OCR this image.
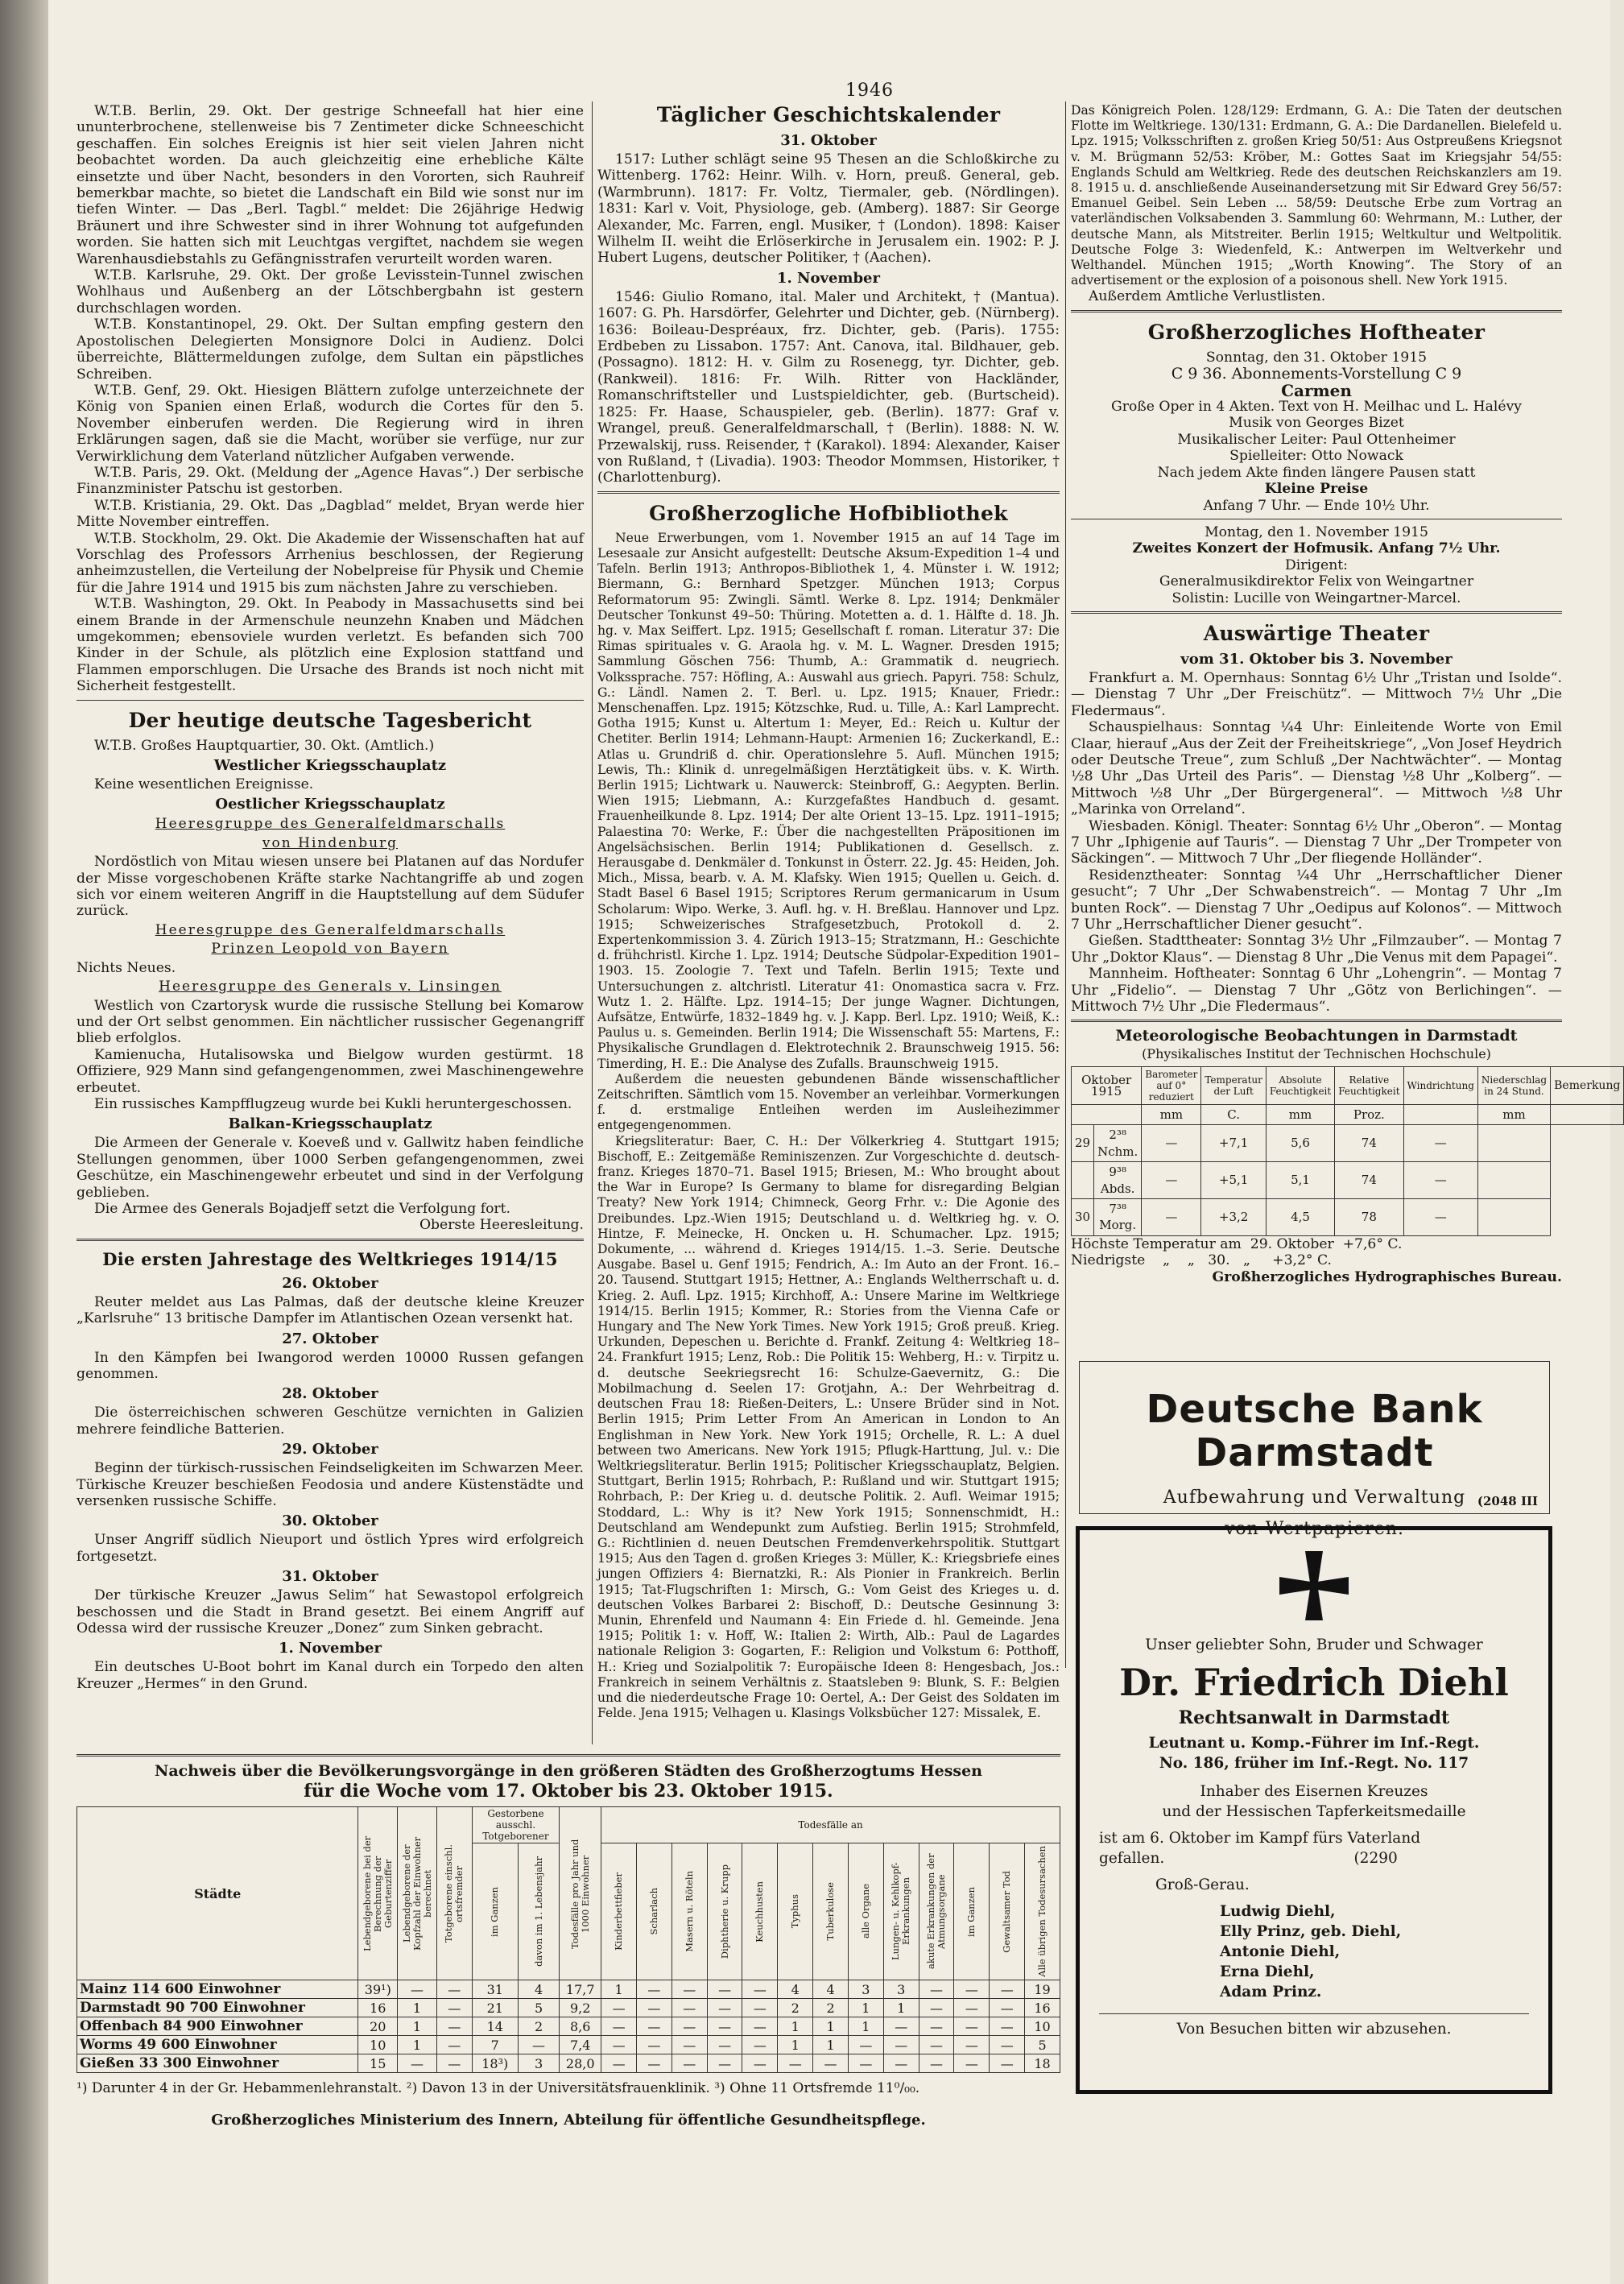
1946

W.T.B. Berlin, 29. Okt. Der gestrige Schneefall hat hier eine ununterbrochene, stellenweise bis 7 Zentimeter dicke Schneeschicht geschaffen. Ein solches Ereignis ist hier seit vielen Jahren nicht beobachtet worden. Da auch gleichzeitig eine erhebliche Kälte einsetzte und über Nacht, besonders in den Vororten, sich Rauhreif bemerkbar machte, so bietet die Landschaft ein Bild wie sonst nur im tiefen Winter. — Das „Berl. Tagbl.“ meldet: Die 26jährige Hedwig Bräunert und ihre Schwester sind in ihrer Wohnung tot aufgefunden worden. Sie hatten sich mit Leuchtgas vergiftet, nachdem sie wegen Warenhausdiebstahls zu Gefängnisstrafen verurteilt worden waren.

W.T.B. Karlsruhe, 29. Okt. Der große Levisstein-Tunnel zwischen Wohlhaus und Außenberg an der Lötschbergbahn ist gestern durchschlagen worden.

W.T.B. Konstantinopel, 29. Okt. Der Sultan empfing gestern den Apostolischen Delegierten Monsignore Dolci in Audienz. Dolci überreichte, Blättermeldungen zufolge, dem Sultan ein päpstliches Schreiben.

W.T.B. Genf, 29. Okt. Hiesigen Blättern zufolge unterzeichnete der König von Spanien einen Erlaß, wodurch die Cortes für den 5. November einberufen werden. Die Regierung wird in ihren Erklärungen sagen, daß sie die Macht, worüber sie verfüge, nur zur Verwirklichung dem Vaterland nützlicher Aufgaben verwende.

W.T.B. Paris, 29. Okt. (Meldung der „Agence Havas“.) Der serbische Finanzminister Patschu ist gestorben.

W.T.B. Kristiania, 29. Okt. Das „Dagblad“ meldet, Bryan werde hier Mitte November eintreffen.

W.T.B. Stockholm, 29. Okt. Die Akademie der Wissenschaften hat auf Vorschlag des Professors Arrhenius beschlossen, der Regierung anheimzustellen, die Verteilung der Nobelpreise für Physik und Chemie für die Jahre 1914 und 1915 bis zum nächsten Jahre zu verschieben.

W.T.B. Washington, 29. Okt. In Peabody in Massachusetts sind bei einem Brande in der Armenschule neunzehn Knaben und Mädchen umgekommen; ebensoviele wurden verletzt. Es befanden sich 700 Kinder in der Schule, als plötzlich eine Explosion stattfand und Flammen emporschlugen. Die Ursache des Brands ist noch nicht mit Sicherheit festgestellt.

Der heutige deutsche Tagesbericht

W.T.B. Großes Hauptquartier, 30. Okt. (Amtlich.)

Westlicher Kriegsschauplatz

Keine wesentlichen Ereignisse.

Oestlicher Kriegsschauplatz
Heeresgruppe des Generalfeldmarschalls
von Hindenburg

Nordöstlich von Mitau wiesen unsere bei Platanen auf das Nordufer der Misse vorgeschobenen Kräfte starke Nachtangriffe ab und zogen sich vor einem weiteren Angriff in die Hauptstellung auf dem Südufer zurück.

Heeresgruppe des Generalfeldmarschalls
Prinzen Leopold von Bayern

Nichts Neues.

Heeresgruppe des Generals v. Linsingen

Westlich von Czartorysk wurde die russische Stellung bei Komarow und der Ort selbst genommen. Ein nächtlicher russischer Gegenangriff blieb erfolglos.

Kamienucha, Hutalisowska und Bielgow wurden gestürmt. 18 Offiziere, 929 Mann sind gefangengenommen, zwei Maschinengewehre erbeutet.

Ein russisches Kampfflugzeug wurde bei Kukli heruntergeschossen.

Balkan-Kriegsschauplatz

Die Armeen der Generale v. Koeveß und v. Gallwitz haben feindliche Stellungen genommen, über 1000 Serben gefangengenommen, zwei Geschütze, ein Maschinengewehr erbeutet und sind in der Verfolgung geblieben.

Die Armee des Generals Bojadjeff setzt die Verfolgung fort.

Oberste Heeresleitung.

Die ersten Jahrestage des Weltkrieges 1914/15
26. Oktober

Reuter meldet aus Las Palmas, daß der deutsche kleine Kreuzer „Karlsruhe“ 13 britische Dampfer im Atlantischen Ozean versenkt hat.

27. Oktober

In den Kämpfen bei Iwangorod werden 10000 Russen gefangen genommen.

28. Oktober

Die österreichischen schweren Geschütze vernichten in Galizien mehrere feindliche Batterien.

29. Oktober

Beginn der türkisch-russischen Feindseligkeiten im Schwarzen Meer. Türkische Kreuzer beschießen Feodosia und andere Küstenstädte und versenken russische Schiffe.

30. Oktober

Unser Angriff südlich Nieuport und östlich Ypres wird erfolgreich fortgesetzt.

31. Oktober

Der türkische Kreuzer „Jawus Selim“ hat Sewastopol erfolgreich beschossen und die Stadt in Brand gesetzt. Bei einem Angriff auf Odessa wird der russische Kreuzer „Donez“ zum Sinken gebracht.

1. November

Ein deutsches U-Boot bohrt im Kanal durch ein Torpedo den alten Kreuzer „Hermes“ in den Grund.

Täglicher Geschichtskalender
31. Oktober

1517: Luther schlägt seine 95 Thesen an die Schloßkirche zu Wittenberg. 1762: Heinr. Wilh. v. Horn, preuß. General, geb. (Warmbrunn). 1817: Fr. Voltz, Tiermaler, geb. (Nördlingen). 1831: Karl v. Voit, Physiologe, geb. (Amberg). 1887: Sir George Alexander, Mc. Farren, engl. Musiker, † (London). 1898: Kaiser Wilhelm II. weiht die Erlöserkirche in Jerusalem ein. 1902: P. J. Hubert Lugens, deutscher Politiker, † (Aachen).

1. November

1546: Giulio Romano, ital. Maler und Architekt, † (Mantua). 1607: G. Ph. Harsdörfer, Gelehrter und Dichter, geb. (Nürnberg). 1636: Boileau-Despréaux, frz. Dichter, geb. (Paris). 1755: Erdbeben zu Lissabon. 1757: Ant. Canova, ital. Bildhauer, geb. (Possagno). 1812: H. v. Gilm zu Rosenegg, tyr. Dichter, geb. (Rankweil). 1816: Fr. Wilh. Ritter von Hackländer, Romanschriftsteller und Lustspieldichter, geb. (Burtscheid). 1825: Fr. Haase, Schauspieler, geb. (Berlin). 1877: Graf v. Wrangel, preuß. Generalfeldmarschall, † (Berlin). 1888: N. W. Przewalskij, russ. Reisender, † (Karakol). 1894: Alexander, Kaiser von Rußland, † (Livadia). 1903: Theodor Mommsen, Historiker, † (Charlottenburg).

Großherzogliche Hofbibliothek

Neue Erwerbungen, vom 1. November 1915 an auf 14 Tage im Lesesaale zur Ansicht aufgestellt: Deutsche Aksum-Expedition 1–4 und Tafeln. Berlin 1913; Anthropos-Bibliothek 1, 4. Münster i. W. 1912; Biermann, G.: Bernhard Spetzger. München 1913; Corpus Reformatorum 95: Zwingli. Sämtl. Werke 8. Lpz. 1914; Denkmäler Deutscher Tonkunst 49–50: Thüring. Motetten a. d. 1. Hälfte d. 18. Jh. hg. v. Max Seiffert. Lpz. 1915; Gesellschaft f. roman. Literatur 37: Die Rimas spirituales v. G. Araola hg. v. M. L. Wagner. Dresden 1915; Sammlung Göschen 756: Thumb, A.: Grammatik d. neugriech. Volkssprache. 757: Höfling, A.: Auswahl aus griech. Papyri. 758: Schulz, G.: Ländl. Namen 2. T. Berl. u. Lpz. 1915; Knauer, Friedr.: Menschenaffen. Lpz. 1915; Kötzschke, Rud. u. Tille, A.: Karl Lamprecht. Gotha 1915; Kunst u. Altertum 1: Meyer, Ed.: Reich u. Kultur der Chetiter. Berlin 1914; Lehmann-Haupt: Armenien 16; Zuckerkandl, E.: Atlas u. Grundriß d. chir. Operationslehre 5. Aufl. München 1915; Lewis, Th.: Klinik d. unregelmäßigen Herztätigkeit übs. v. K. Wirth. Berlin 1915; Lichtwark u. Nauwerck: Steinbroff, G.: Aegypten. Berlin. Wien 1915; Liebmann, A.: Kurzgefaßtes Handbuch d. gesamt. Frauenheilkunde 8. Lpz. 1914; Der alte Orient 13–15. Lpz. 1911–1915; Palaestina 70: Werke, F.: Über die nachgestellten Präpositionen im Angelsächsischen. Berlin 1914; Publikationen d. Gesellsch. z. Herausgabe d. Denkmäler d. Tonkunst in Österr. 22. Jg. 45: Heiden, Joh. Mich., Missa, bearb. v. A. M. Klafsky. Wien 1915; Quellen u. Geich. d. Stadt Basel 6 Basel 1915; Scriptores Rerum germanicarum in Usum Scholarum: Wipo. Werke, 3. Aufl. hg. v. H. Breßlau. Hannover und Lpz. 1915; Schweizerisches Strafgesetzbuch, Protokoll d. 2. Expertenkommission 3. 4. Zürich 1913–15; Stratzmann, H.: Geschichte d. frühchristl. Kirche 1. Lpz. 1914; Deutsche Südpolar-Expedition 1901–1903. 15. Zoologie 7. Text und Tafeln. Berlin 1915; Texte und Untersuchungen z. altchristl. Literatur 41: Onomastica sacra v. Frz. Wutz 1. 2. Hälfte. Lpz. 1914–15; Der junge Wagner. Dichtungen, Aufsätze, Entwürfe, 1832–1849 hg. v. J. Kapp. Berl. Lpz. 1910; Weiß, K.: Paulus u. s. Gemeinden. Berlin 1914; Die Wissenschaft 55: Martens, F.: Physikalische Grundlagen d. Elektrotechnik 2. Braunschweig 1915. 56: Timerding, H. E.: Die Analyse des Zufalls. Braunschweig 1915.

Außerdem die neuesten gebundenen Bände wissenschaftlicher Zeitschriften. Sämtlich vom 15. November an verleihbar. Vormerkungen f. d. erstmalige Entleihen werden im Ausleihezimmer entgegengenommen.

Kriegsliteratur: Baer, C. H.: Der Völkerkrieg 4. Stuttgart 1915; Bischoff, E.: Zeitgemäße Reminiszenzen. Zur Vorgeschichte d. deutsch-franz. Krieges 1870–71. Basel 1915; Briesen, M.: Who brought about the War in Europe? Is Germany to blame for disregarding Belgian Treaty? New York 1914; Chimneck, Georg Frhr. v.: Die Agonie des Dreibundes. Lpz.-Wien 1915; Deutschland u. d. Weltkrieg hg. v. O. Hintze, F. Meinecke, H. Oncken u. H. Schumacher. Lpz. 1915; Dokumente, ... während d. Krieges 1914/15. 1.–3. Serie. Deutsche Ausgabe. Basel u. Genf 1915; Fendrich, A.: Im Auto an der Front. 16.–20. Tausend. Stuttgart 1915; Hettner, A.: Englands Weltherrschaft u. d. Krieg. 2. Aufl. Lpz. 1915; Kirchhoff, A.: Unsere Marine im Weltkriege 1914/15. Berlin 1915; Kommer, R.: Stories from the Vienna Cafe or Hungary and The New York Times. New York 1915; Groß preuß. Krieg. Urkunden, Depeschen u. Berichte d. Frankf. Zeitung 4: Weltkrieg 18–24. Frankfurt 1915; Lenz, Rob.: Die Politik 15: Wehberg, H.: v. Tirpitz u. d. deutsche Seekriegsrecht 16: Schulze-Gaevernitz, G.: Die Mobilmachung d. Seelen 17: Grotjahn, A.: Der Wehrbeitrag d. deutschen Frau 18: Rießen-Deiters, L.: Unsere Brüder sind in Not. Berlin 1915; Prim Letter From An American in London to An Englishman in New York. New York 1915; Orchelle, R. L.: A duel between two Americans. New York 1915; Pflugk-Harttung, Jul. v.: Die Weltkriegsliteratur. Berlin 1915; Politischer Kriegsschauplatz, Belgien. Stuttgart, Berlin 1915; Rohrbach, P.: Rußland und wir. Stuttgart 1915; Rohrbach, P.: Der Krieg u. d. deutsche Politik. 2. Aufl. Weimar 1915; Stoddard, L.: Why is it? New York 1915; Sonnenschmidt, H.: Deutschland am Wendepunkt zum Aufstieg. Berlin 1915; Strohmfeld, G.: Richtlinien d. neuen Deutschen Fremdenverkehrspolitik. Stuttgart 1915; Aus den Tagen d. großen Krieges 3: Müller, K.: Kriegsbriefe eines jungen Offiziers 4: Biernatzki, R.: Als Pionier in Frankreich. Berlin 1915; Tat-Flugschriften 1: Mirsch, G.: Vom Geist des Krieges u. d. deutschen Volkes Barbarei 2: Bischoff, D.: Deutsche Gesinnung 3: Munin, Ehrenfeld und Naumann 4: Ein Friede d. hl. Gemeinde. Jena 1915; Politik 1: v. Hoff, W.: Italien 2: Wirth, Alb.: Paul de Lagardes nationale Religion 3: Gogarten, F.: Religion und Volkstum 6: Potthoff, H.: Krieg und Sozialpolitik 7: Europäische Ideen 8: Hengesbach, Jos.: Frankreich in seinem Verhältnis z. Staatsleben 9: Blunk, S. F.: Belgien und die niederdeutsche Frage 10: Oertel, A.: Der Geist des Soldaten im Felde. Jena 1915; Velhagen u. Klasings Volksbücher 127: Missalek, E.

Das Königreich Polen. 128/129: Erdmann, G. A.: Die Taten der deutschen Flotte im Weltkriege. 130/131: Erdmann, G. A.: Die Dardanellen. Bielefeld u. Lpz. 1915; Volksschriften z. großen Krieg 50/51: Aus Ostpreußens Kriegsnot v. M. Brügmann 52/53: Kröber, M.: Gottes Saat im Kriegsjahr 54/55: Englands Schuld am Weltkrieg. Rede des deutschen Reichskanzlers am 19. 8. 1915 u. d. anschließende Auseinandersetzung mit Sir Edward Grey 56/57: Emanuel Geibel. Sein Leben ... 58/59: Deutsche Erbe zum Vortrag an vaterländischen Volksabenden 3. Sammlung 60: Wehrmann, M.: Luther, der deutsche Mann, als Mitstreiter. Berlin 1915; Weltkultur und Weltpolitik. Deutsche Folge 3: Wiedenfeld, K.: Antwerpen im Weltverkehr und Welthandel. München 1915; „Worth Knowing“. The Story of an advertisement or the explosion of a poisonous shell. New York 1915.

Außerdem Amtliche Verlustlisten.

Großherzogliches Hoftheater

Sonntag, den 31. Oktober 1915

C 9 36. Abonnements-Vorstellung C 9

Carmen

Große Oper in 4 Akten. Text von H. Meilhac und L. Halévy

Musik von Georges Bizet

Musikalischer Leiter: Paul Ottenheimer

Spielleiter: Otto Nowack

Nach jedem Akte finden längere Pausen statt

Kleine Preise

Anfang 7 Uhr. — Ende 10½ Uhr.

Montag, den 1. November 1915

Zweites Konzert der Hofmusik. Anfang 7½ Uhr.

Dirigent:

Generalmusikdirektor Felix von Weingartner

Solistin: Lucille von Weingartner-Marcel.

Auswärtige Theater
vom 31. Oktober bis 3. November

Frankfurt a. M. Opernhaus: Sonntag 6½ Uhr „Tristan und Isolde“. — Dienstag 7 Uhr „Der Freischütz“. — Mittwoch 7½ Uhr „Die Fledermaus“.

Schauspielhaus: Sonntag ¼4 Uhr: Einleitende Worte von Emil Claar, hierauf „Aus der Zeit der Freiheitskriege“, „Von Josef Heydrich oder Deutsche Treue“, zum Schluß „Der Nachtwächter“. — Montag ½8 Uhr „Das Urteil des Paris“. — Dienstag ½8 Uhr „Kolberg“. — Mittwoch ½8 Uhr „Der Bürgergeneral“. — Mittwoch ½8 Uhr „Marinka von Orreland“.

Wiesbaden. Königl. Theater: Sonntag 6½ Uhr „Oberon“. — Montag 7 Uhr „Iphigenie auf Tauris“. — Dienstag 7 Uhr „Der Trompeter von Säckingen“. — Mittwoch 7 Uhr „Der fliegende Holländer“.

Residenztheater: Sonntag ¼4 Uhr „Herrschaftlicher Diener gesucht“; 7 Uhr „Der Schwabenstreich“. — Montag 7 Uhr „Im bunten Rock“. — Dienstag 7 Uhr „Oedipus auf Kolonos“. — Mittwoch 7 Uhr „Herrschaftlicher Diener gesucht“.

Gießen. Stadttheater: Sonntag 3½ Uhr „Filmzauber“. — Montag 7 Uhr „Doktor Klaus“. — Dienstag 8 Uhr „Die Venus mit dem Papagei“.

Mannheim. Hoftheater: Sonntag 6 Uhr „Lohengrin“. — Montag 7 Uhr „Fidelio“. — Dienstag 7 Uhr „Götz von Berlichingen“. — Mittwoch 7½ Uhr „Die Fledermaus“.

Meteorologische Beobachtungen in Darmstadt
(Physikalisches Institut der Technischen Hochschule)
Oktober 1915		Barometer auf 0° reduziert	Temperatur der Luft	Absolute Feuchtigkeit	Relative Feuchtigkeit	Windrichtung	Niederschlag in 24 Stund.	Bemerkung
		mm	C.	mm	Proz.		mm	
29	2³⁸ Nchm.	—	+7,1	5,6	74	—		
	9³⁸ Abds.	—	+5,1	5,1	74	—		
30	7³⁸ Morg.	—	+3,2	4,5	78	—		

Höchste Temperatur am  29. Oktober  +7,6° C.

Niedrigste    „    „   30.   „     +3,2° C.

Großherzogliches Hydrographisches Bureau.

Deutsche Bank Darmstadt
Aufbewahrung und Verwaltung
von Wertpapieren.
(2048 III
Unser geliebter Sohn, Bruder und Schwager
Dr. Friedrich Diehl
Rechtsanwalt in Darmstadt
Leutnant u. Komp.-Führer im Inf.-Regt.
No. 186, früher im Inf.-Regt. No. 117
Inhaber des Eisernen Kreuzes
und der Hessischen Tapferkeitsmedaille
ist am 6. Oktober im Kampf fürs Vaterland
gefallen.                                        (2290
Groß-Gerau.
Ludwig Diehl,
Elly Prinz, geb. Diehl,
Antonie Diehl,
Erna Diehl,
Adam Prinz.
Von Besuchen bitten wir abzusehen.
Nachweis über die Bevölkerungsvorgänge in den größeren Städten des Großherzogtums Hessen
für die Woche vom 17. Oktober bis 23. Oktober 1915.
Städte	Lebendgeborene bei der Berechnung der Geburtenziffer	Lebendgeborene der Kopfzahl der Einwohner berechnet	Totgeborene einschl. ortsfremder	Gestorbene ausschl. Totgeborener		Todesfälle pro Jahr und 1000 Einwohner	Todesfälle an												

				im Ganzen	davon im 1. Lebensjahr		Kinderbettfieber	Scharlach	Masern u. Röteln	Diphtherie u. Krupp	Keuchhusten	Typhus	Tuberkulose	alle Organe	Lungen- u. Kehlkopf-Erkrankungen	akute Erkrankungen der Atmungsorgane	im Ganzen	Gewaltsamer Tod	Alle übrigen Todesursachen

Mainz 114 600 Einwohner	39¹)	—	—	31	4	17,7	1	—	—	—	—	4	4	3	3	—	—	—	19
Darmstadt 90 700 Einwohner	16	1	—	21	5	9,2	—	—	—	—	—	2	2	1	1	—	—	—	16
Offenbach 84 900 Einwohner	20	1	—	14	2	8,6	—	—	—	—	—	1	1	1	—	—	—	—	10
Worms 49 600 Einwohner	10	1	—	7	—	7,4	—	—	—	—	—	1	1	—	—	—	—	—	5
Gießen 33 300 Einwohner	15	—	—	18³)	3	28,0	—	—	—	—	—	—	—	—	—	—	—	—	18
¹) Darunter 4 in der Gr. Hebammenlehranstalt. ²) Davon 13 in der Universitätsfrauenklinik. ³) Ohne 11 Ortsfremde 11⁰/₀₀.
Großherzogliches Ministerium des Innern, Abteilung für öffentliche Gesundheitspflege.
